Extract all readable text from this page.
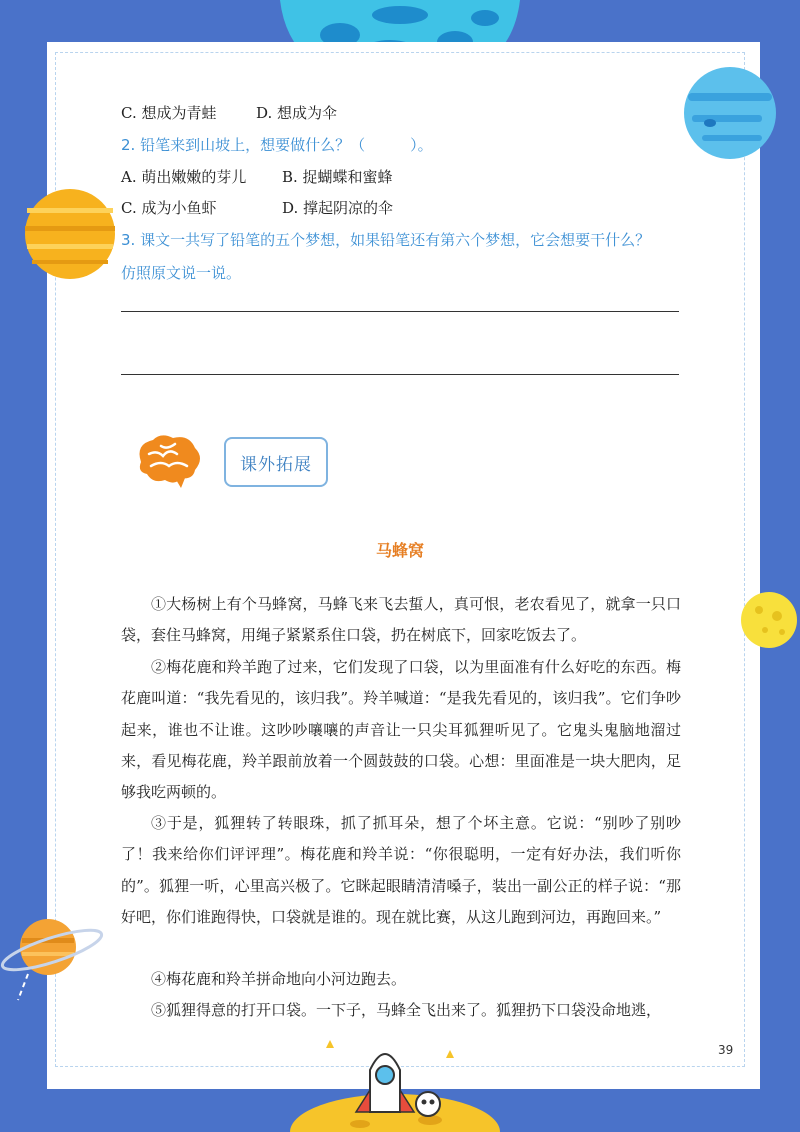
C. 想成为青蛙	D. 想成为伞
2. 铅笔来到山坡上，想要做什么？（　　　）。
A. 萌出嫩嫩的芽儿 B. 捉蝴蝶和蜜蜂
C. 成为小鱼虾	D. 撑起阴凉的伞
3. 课文一共写了铅笔的五个梦想，如果铅笔还有第六个梦想，它会想要干什么？
仿照原文说一说。
课外拓展
马蜂窝

①大杨树上有个马蜂窝，马蜂飞来飞去蜇人，真可恨，老农看见了，就拿一只口袋，套住马蜂窝，用绳子紧紧系住口袋，扔在树底下，回家吃饭去了。

②梅花鹿和羚羊跑了过来，它们发现了口袋，以为里面准有什么好吃的东西。梅花鹿叫道：“我先看见的，该归我”。羚羊喊道：“是我先看见的，该归我”。它们争吵起来，谁也不让谁。这吵吵嚷嚷的声音让一只尖耳狐狸听见了。它鬼头鬼脑地溜过来，看见梅花鹿，羚羊跟前放着一个圆鼓鼓的口袋。心想：里面准是一块大肥肉，足够我吃两顿的。

③于是，狐狸转了转眼珠，抓了抓耳朵，想了个坏主意。它说：“别吵了别吵了！我来给你们评评理”。梅花鹿和羚羊说：“你很聪明，一定有好办法，我们听你的”。狐狸一听，心里高兴极了。它眯起眼睛清清嗓子，装出一副公正的样子说：“那好吧，你们谁跑得快，口袋就是谁的。现在就比赛，从这儿跑到河边，再跑回来。”

④梅花鹿和羚羊拼命地向小河边跑去。

⑤狐狸得意的打开口袋。一下子，马蜂全飞出来了。狐狸扔下口袋没命地逃，

39
